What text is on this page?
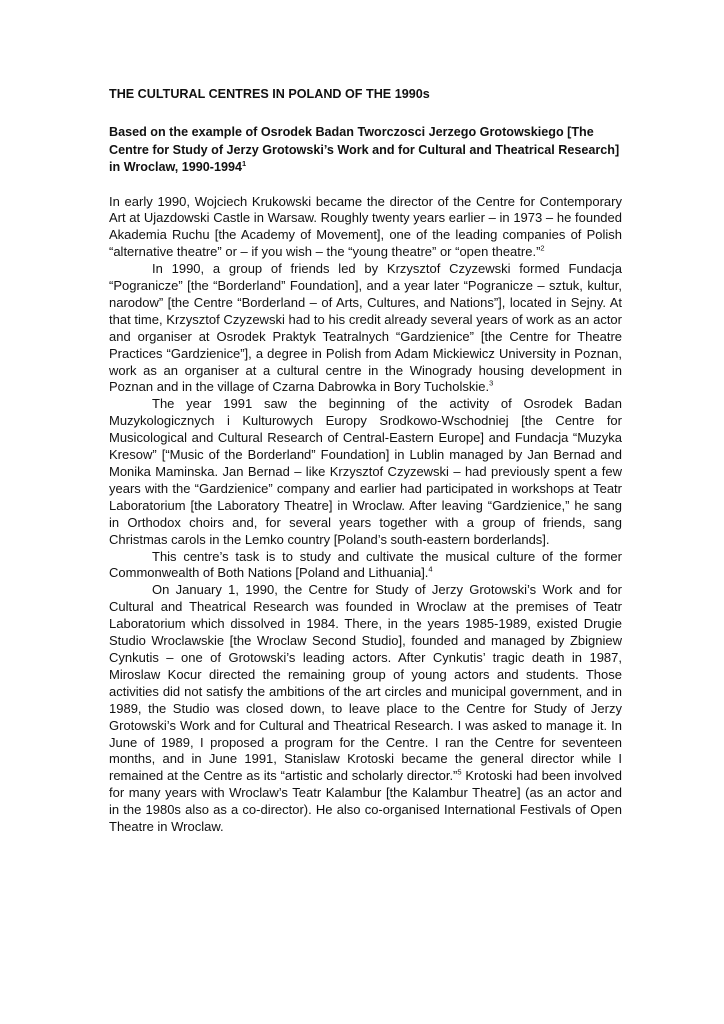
THE CULTURAL CENTRES IN POLAND OF THE 1990s
Based on the example of Osrodek Badan Tworczosci Jerzego Grotowskiego [The Centre for Study of Jerzy Grotowski’s Work and for Cultural and Theatrical Research] in Wroclaw, 1990-1994$^1$

In early 1990, Wojciech Krukowski became the director of the Centre for Contemporary Art at Ujazdowski Castle in Warsaw. Roughly twenty years earlier – in 1973 – he founded Akademia Ruchu [the Academy of Movement], one of the leading companies of Polish “alternative theatre” or – if you wish – the “young theatre” or “open theatre.”$^2$

In 1990, a group of friends led by Krzysztof Czyzewski formed Fundacja “Pogranicze” [the “Borderland” Foundation], and a year later “Pogranicze – sztuk, kultur, narodow” [the Centre “Borderland – of Arts, Cultures, and Nations”], located in Sejny. At that time, Krzysztof Czyzewski had to his credit already several years of work as an actor and organiser at Osrodek Praktyk Teatralnych “Gardzienice” [the Centre for Theatre Practices “Gardzienice”], a degree in Polish from Adam Mickiewicz University in Poznan, work as an organiser at a cultural centre in the Winogrady housing development in Poznan and in the village of Czarna Dabrowka in Bory Tucholskie.$^3$

The year 1991 saw the beginning of the activity of Osrodek Badan Muzykologicznych i Kulturowych Europy Srodkowo-Wschodniej [the Centre for Musicological and Cultural Research of Central-Eastern Europe] and Fundacja “Muzyka Kresow” [“Music of the Borderland” Foundation] in Lublin managed by Jan Bernad and Monika Maminska. Jan Bernad – like Krzysztof Czyzewski – had previously spent a few years with the “Gardzienice” company and earlier had participated in workshops at Teatr Laboratorium [the Laboratory Theatre] in Wroclaw. After leaving “Gardzienice,” he sang in Orthodox choirs and, for several years together with a group of friends, sang Christmas carols in the Lemko country [Poland’s south-eastern borderlands].

This centre’s task is to study and cultivate the musical culture of the former Commonwealth of Both Nations [Poland and Lithuania].$^4$

On January 1, 1990, the Centre for Study of Jerzy Grotowski’s Work and for Cultural and Theatrical Research was founded in Wroclaw at the premises of Teatr Laboratorium which dissolved in 1984. There, in the years 1985-1989, existed Drugie Studio Wroclawskie [the Wroclaw Second Studio], founded and managed by Zbigniew Cynkutis – one of Grotowski’s leading actors. After Cynkutis’ tragic death in 1987, Miroslaw Kocur directed the remaining group of young actors and students. Those activities did not satisfy the ambitions of the art circles and municipal government, and in 1989, the Studio was closed down, to leave place to the Centre for Study of Jerzy Grotowski’s Work and for Cultural and Theatrical Research. I was asked to manage it. In June of 1989, I proposed a program for the Centre. I ran the Centre for seventeen months, and in June 1991, Stanislaw Krotoski became the general director while I remained at the Centre as its “artistic and scholarly director.”$^5$ Krotoski had been involved for many years with Wroclaw’s Teatr Kalambur [the Kalambur Theatre] (as an actor and in the 1980s also as a co-director). He also co-organised International Festivals of Open Theatre in Wroclaw.
